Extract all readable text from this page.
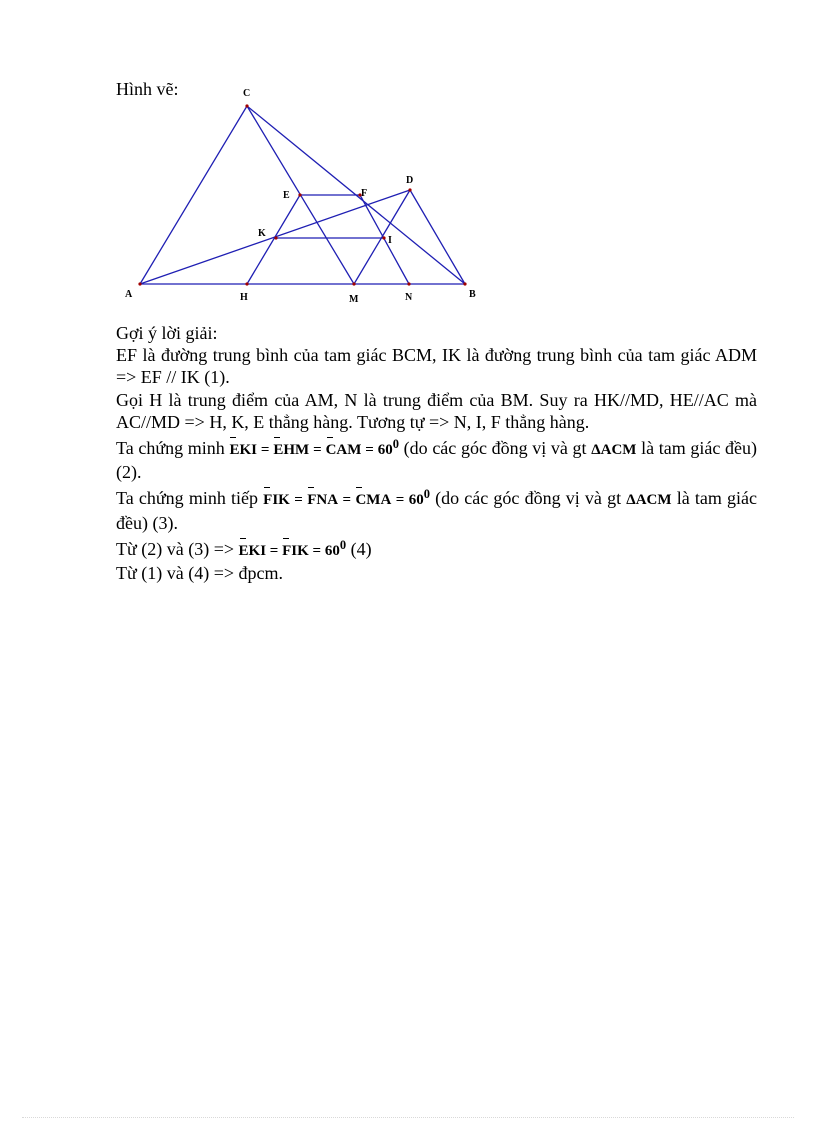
Hình vẽ:	C
D
E	F
K
I
A	H	M	N	B

Gợi ý lời giải:

EF là đường trung bình của tam giác BCM, IK là đường trung bình của tam giác ADM => EF // IK (1).

Gọi H là trung điểm của AM, N là trung điểm của BM. Suy ra HK//MD, HE//AC mà AC//MD => H, K, E thẳng hàng. Tương tự => N, I, F thẳng hàng.

Ta chứng minh EKI = EHM = CAM = $60^0$ (do các góc đồng vị và gt ΔACM là tam giác đều) (2).

Ta chứng minh tiếp FIK = FNA = CMA = $60^0$ (do các góc đồng vị và gt ΔACM là tam giác đều) (3).

Từ (2) và (3) => EKI = FIK = $60^0$ (4)

Từ (1) và (4) => đpcm.
